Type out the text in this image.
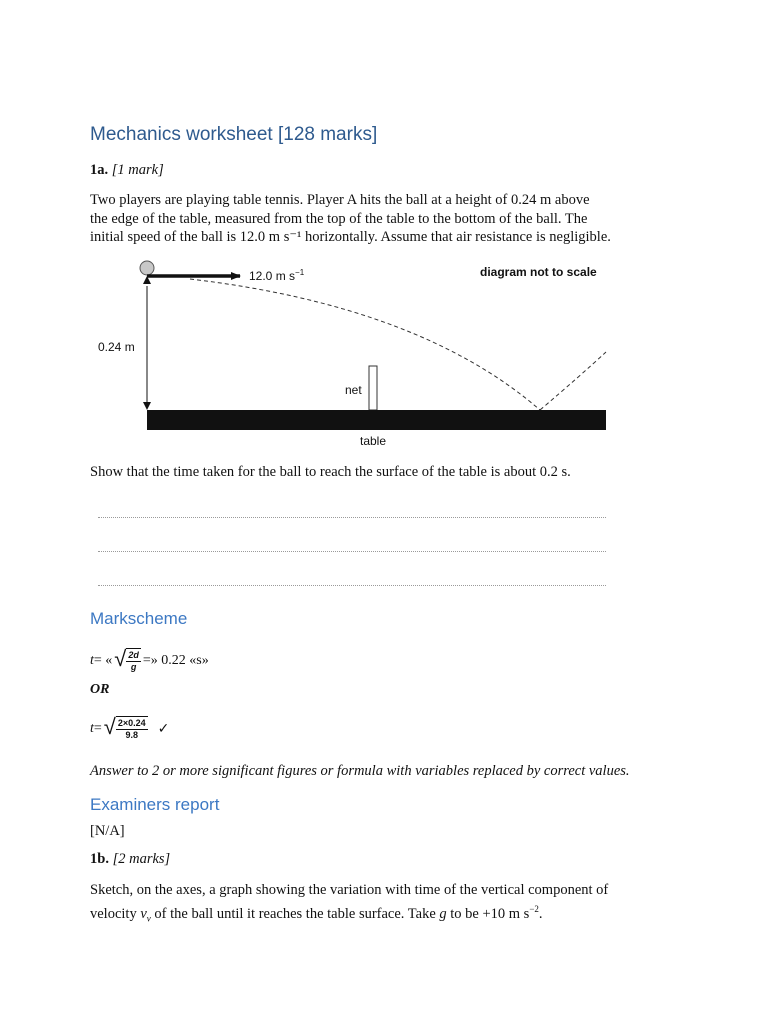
Mechanics worksheet [128 marks]
1a. [1 mark]
Two players are playing table tennis. Player A hits the ball at a height of 0.24 m above
the edge of the table, measured from the top of the table to the bottom of the ball. The
initial speed of the ball is 12.0 m s⁻¹ horizontally. Assume that air resistance is negligible.
12.0 m $s^{-1}$	diagram not to scale
0.24 m
net
table
Show that the time taken for the ball to reach the surface of the table is about 0.2 s.
Markscheme
t = « √ $\frac{2d}{g}$ =» 0.22 «s»
OR
t = √ $\frac{2\times 0.24}{9.8}$ ✓
Answer to 2 or more significant figures or formula with variables replaced by correct values.
Examiners report
[N/A]
1b. [2 marks]
Sketch, on the axes, a graph showing the variation with time of the vertical component of
velocity $v_v$ of the ball until it reaches the table surface. Take g to be +10 m $s^{-2}$.
